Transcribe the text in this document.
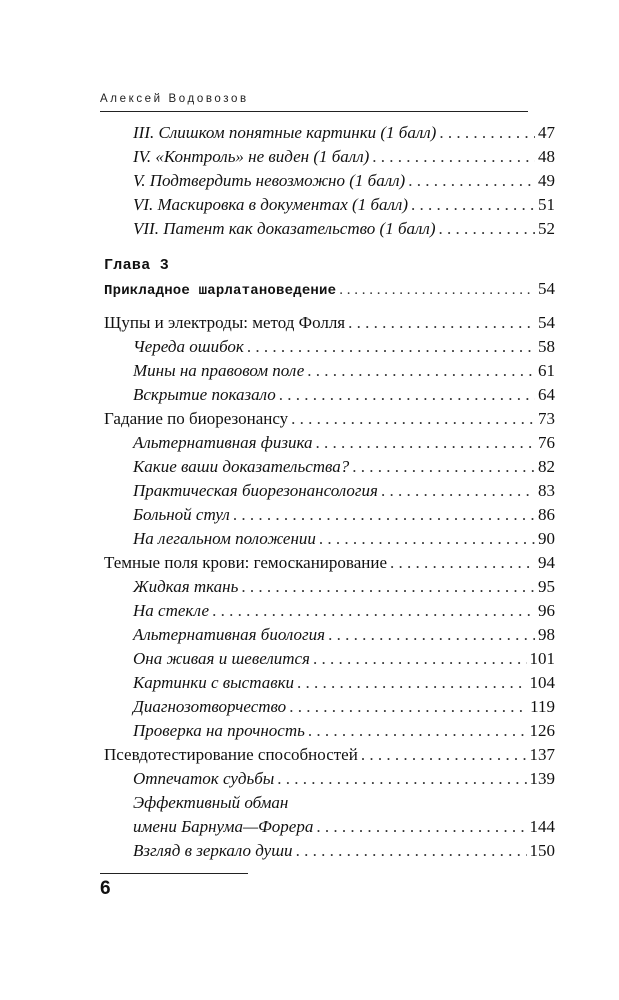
Алексей Водовозов
III. Слишком понятные картинки (1 балл) . . .	47
IV. «Контроль» не виден (1 балл) . . .	48
V. Подтвердить невозможно (1 балл) . . .	49
VI. Маскировка в документах (1 балл) . . .	51
VII. Патент как доказательство (1 балл) . . .	52
Глава 3
Прикладное шарлатановедение . . .	54
Щупы и электроды: метод Фолля . . .	54
Череда ошибок . . .	58
Мины на правовом поле . . .	61
Вскрытие показало . . .	64
Гадание по биорезонансу . . .	73
Альтернативная физика . . .	76
Какие ваши доказательства? . . .	82
Практическая биорезонансология . . .	83
Больной стул . . .	86
На легальном положении . . .	90
Темные поля крови: гемосканирование . . .	94
Жидкая ткань . . .	95
На стекле . . .	96
Альтернативная биология . . .	98
Она живая и шевелится . . .	101
Картинки с выставки . . .	104
Диагнозотворчество . . .	119
Проверка на прочность . . .	126
Псевдотестирование способностей . . .	137
Отпечаток судьбы . . .	139
Эффективный обман
имени Барнума—Форера . . .	144
Взгляд в зеркало души . . .	150
6
